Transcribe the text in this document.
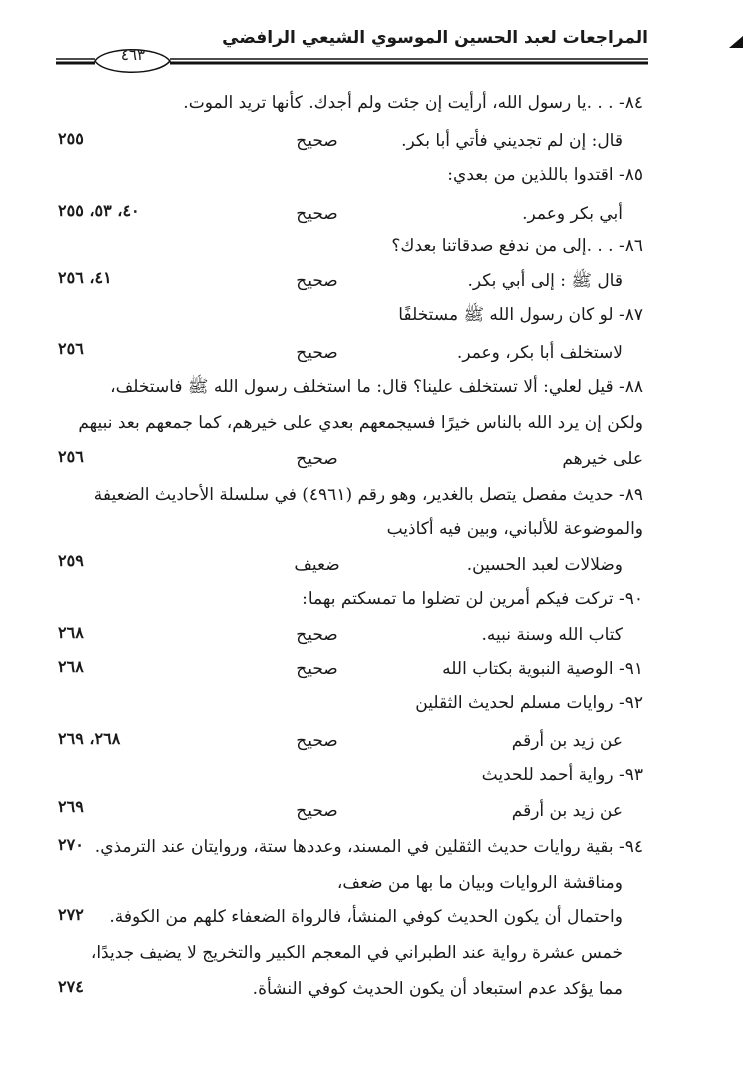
المراجعات لعبد الحسين الموسوي الشيعي الرافضي
٤٦٣
٨٤- . . .يا رسول الله، أرأيت إن جئت ولم أجدك. كأنها تريد الموت.
قال: إن لم تجديني فأتي أبا بكر.
صحيح
٢٥٥
٨٥- اقتدوا باللذين من بعدي:
أبي بكر وعمر.
صحيح
٤٠، ٥٣، ٢٥٥
٨٦- . . .إلى من ندفع صدقاتنا بعدك؟
قال ﷺ : إلى أبي بكر.
صحيح
٤١، ٢٥٦
٨٧- لو كان رسول الله ﷺ مستخلفًا
لاستخلف أبا بكر، وعمر.
صحيح
٢٥٦
٨٨- قيل لعلي: ألا تستخلف علينا؟ قال: ما استخلف رسول الله ﷺ فاستخلف،
ولكن إن يرد الله بالناس خيرًا فسيجمعهم بعدي على خيرهم، كما جمعهم بعد نبيهم
على خيرهم
صحيح
٢٥٦
٨٩- حديث مفصل يتصل بالغدير، وهو رقم (٤٩٦١) في سلسلة الأحاديث الضعيفة
والموضوعة للألباني، وبين فيه أكاذيب
وضلالات لعبد الحسين.
ضعيف
٢٥٩
٩٠- تركت فيكم أمرين لن تضلوا ما تمسكتم بهما:
كتاب الله وسنة نبيه.
صحيح
٢٦٨
٩١- الوصية النبوية بكتاب الله
صحيح
٢٦٨
٩٢- روايات مسلم لحديث الثقلين
عن زيد بن أرقم
صحيح
٢٦٨، ٢٦٩
٩٣- رواية أحمد للحديث
عن زيد بن أرقم
صحيح
٢٦٩
٩٤- بقية روايات حديث الثقلين في المسند، وعددها ستة، وروايتان عند الترمذي.
٢٧٠
ومناقشة الروايات وبيان ما بها من ضعف،
واحتمال أن يكون الحديث كوفي المنشأ، فالرواة الضعفاء كلهم من الكوفة.
٢٧٢
خمس عشرة رواية عند الطبراني في المعجم الكبير والتخريج لا يضيف جديدًا،
مما يؤكد عدم استبعاد أن يكون الحديث كوفي النشأة.
٢٧٤
